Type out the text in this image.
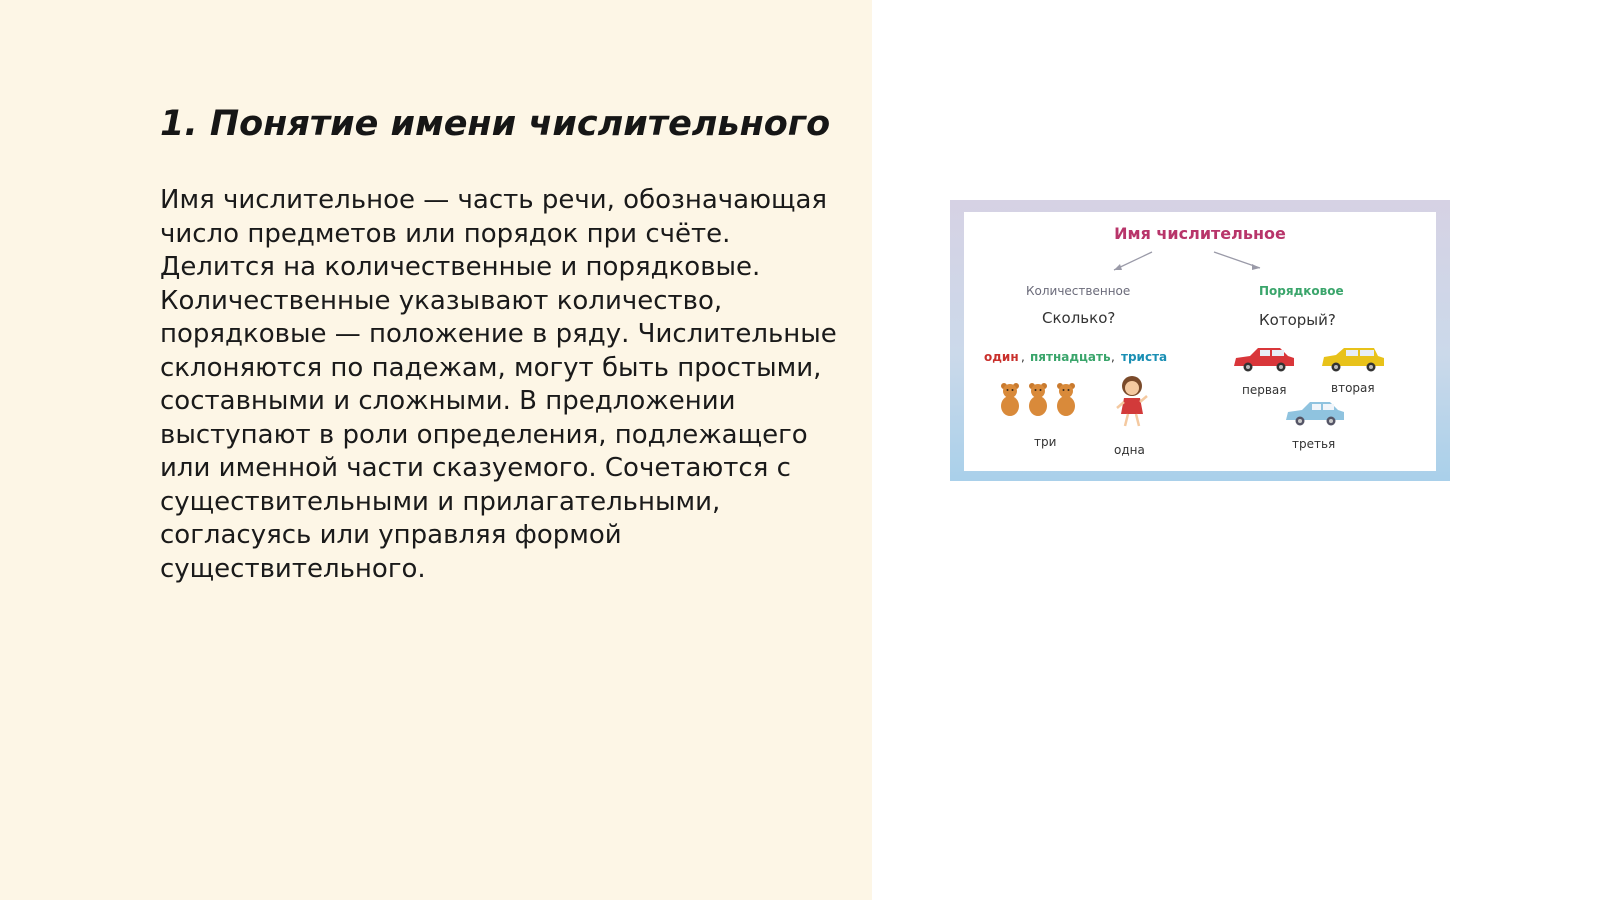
1. Понятие имени числительного

Имя числительное — часть речи, обозначающая
число предметов или порядок при счёте.
Делится на количественные и порядковые.
Количественные указывают количество,
порядковые — положение в ряду. Числительные
склоняются по падежам, могут быть простыми,
составными и сложными. В предложении
выступают в роли определения, подлежащего
или именной части сказуемого. Сочетаются с
существительными и прилагательными,
согласуясь или управляя формой
существительного.

Имя числительное
Количественное	Порядковое
Сколько?	Который?
один , пятнадцать , триста
три
одна
первая	вторая
третья
